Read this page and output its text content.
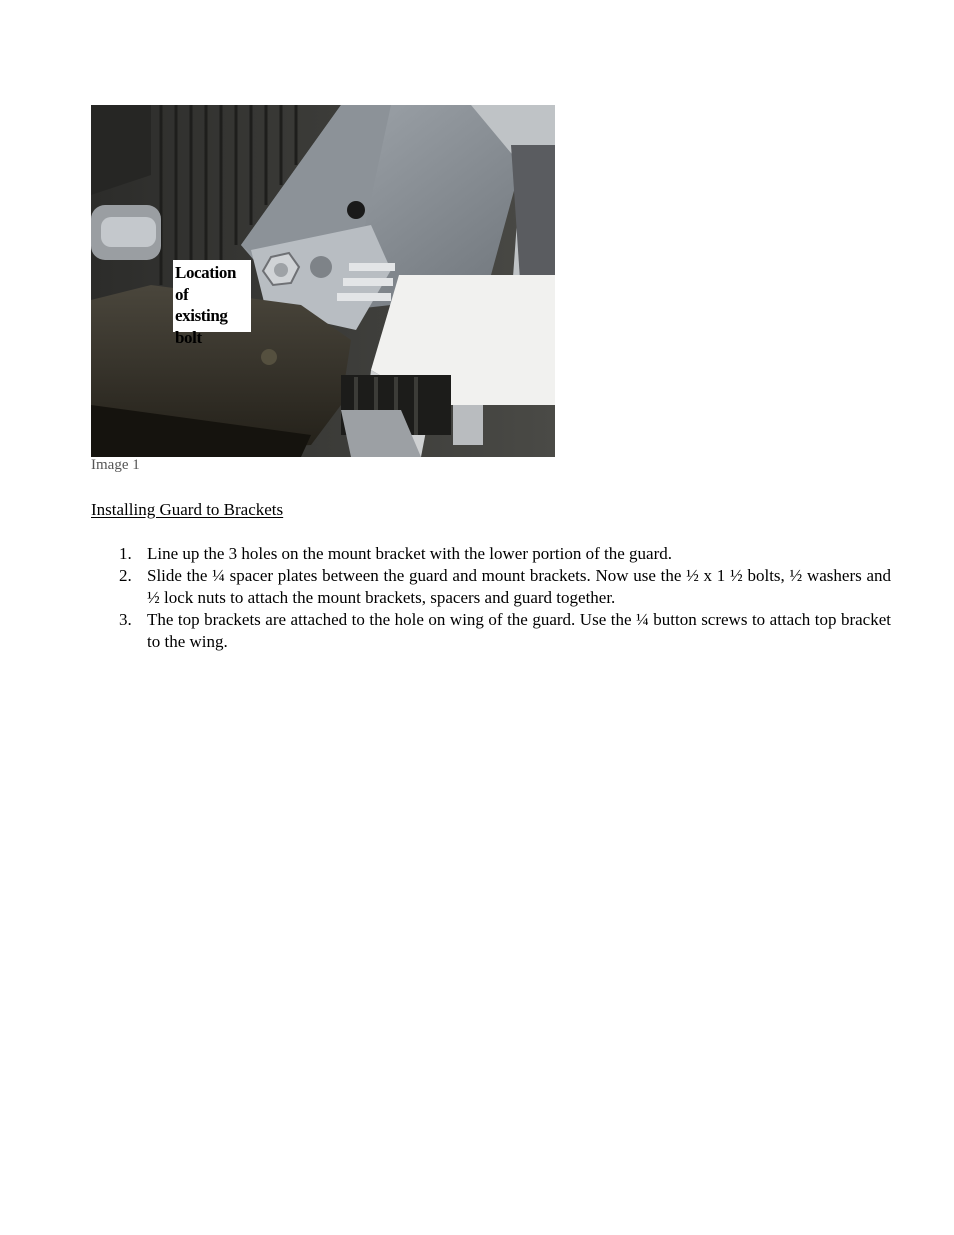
Location of
existing
bolt
Image 1
Installing Guard to Brackets
1. Line up the 3 holes on the mount bracket with the lower portion of the guard.
2. Slide the ¼ spacer plates between the guard and mount brackets. Now use the ½ x 1 ½ bolts, ½ washers and ½ lock nuts to attach the mount brackets, spacers and guard together.
3. The top brackets are attached to the hole on wing of the guard. Use the ¼ button screws to attach top bracket to the wing.
